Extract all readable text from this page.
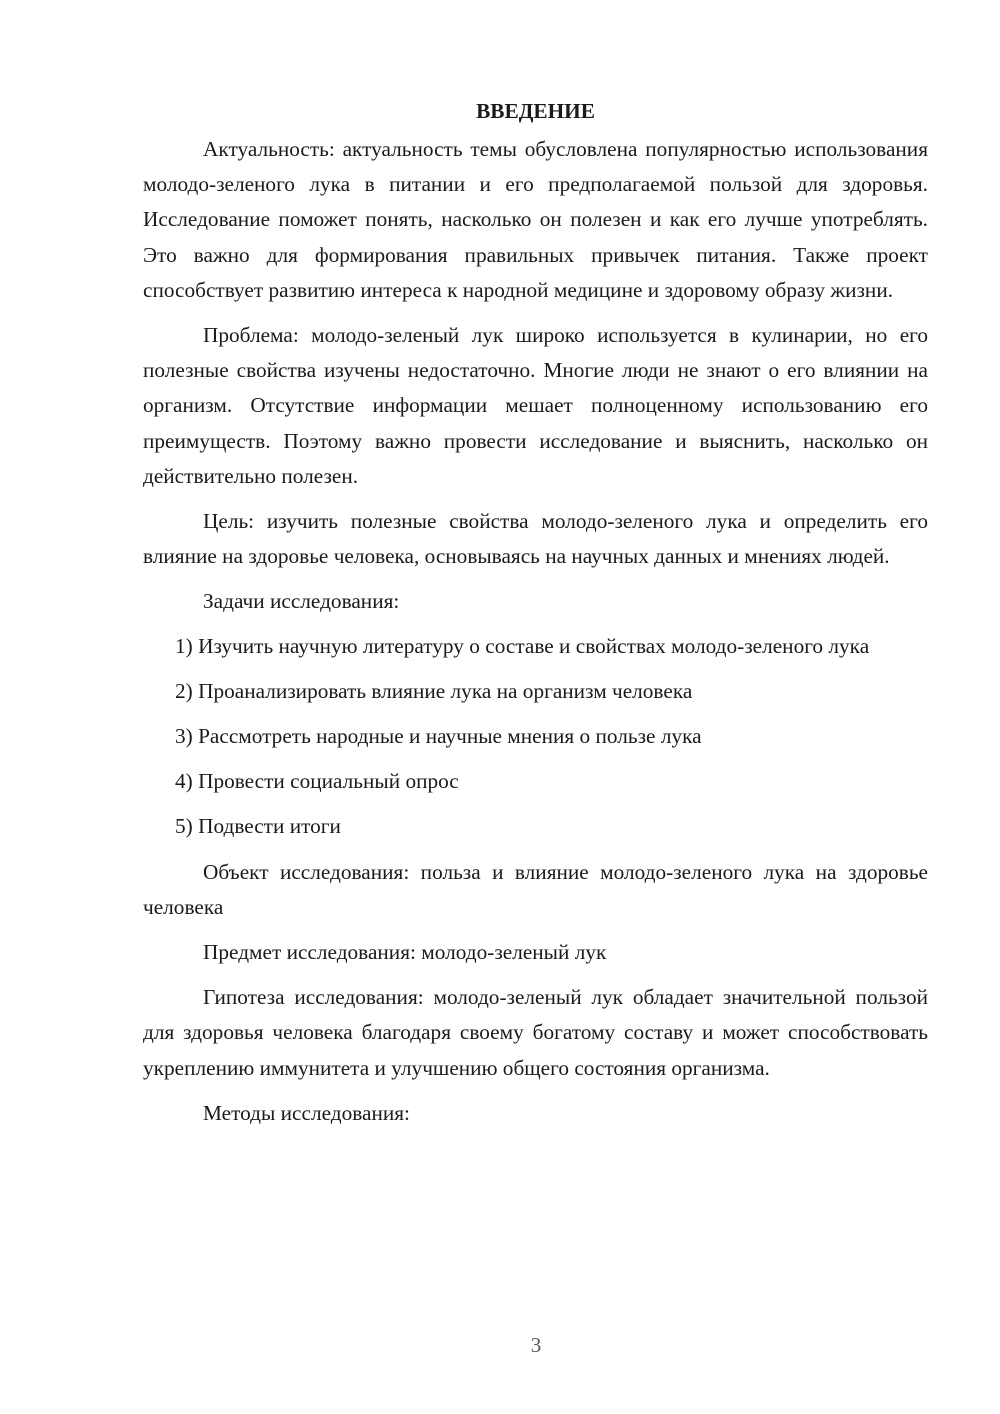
ВВЕДЕНИЕ

Актуальность: актуальность темы обусловлена популярностью использования молодо-зеленого лука в питании и его предполагаемой пользой для здоровья. Исследование поможет понять, насколько он полезен и как его лучше употреблять. Это важно для формирования правильных привычек питания. Также проект способствует развитию интереса к народной медицине и здоровому образу жизни.

Проблема: молодо-зеленый лук широко используется в кулинарии, но его полезные свойства изучены недостаточно. Многие люди не знают о его влиянии на организм. Отсутствие информации мешает полноценному использованию его преимуществ. Поэтому важно провести исследование и выяснить, насколько он действительно полезен.

Цель: изучить полезные свойства молодо-зеленого лука и определить его влияние на здоровье человека, основываясь на научных данных и мнениях людей.

Задачи исследования:

1) Изучить научную литературу о составе и свойствах молодо-зеленого лука

2) Проанализировать влияние лука на организм человека

3) Рассмотреть народные и научные мнения о пользе лука

4) Провести социальный опрос

5) Подвести итоги

Объект исследования: польза и влияние молодо-зеленого лука на здоровье человека

Предмет исследования: молодо-зеленый лук

Гипотеза исследования: молодо-зеленый лук обладает значительной пользой для здоровья человека благодаря своему богатому составу и может способствовать укреплению иммунитета и улучшению общего состояния организма.

Методы исследования:

3
